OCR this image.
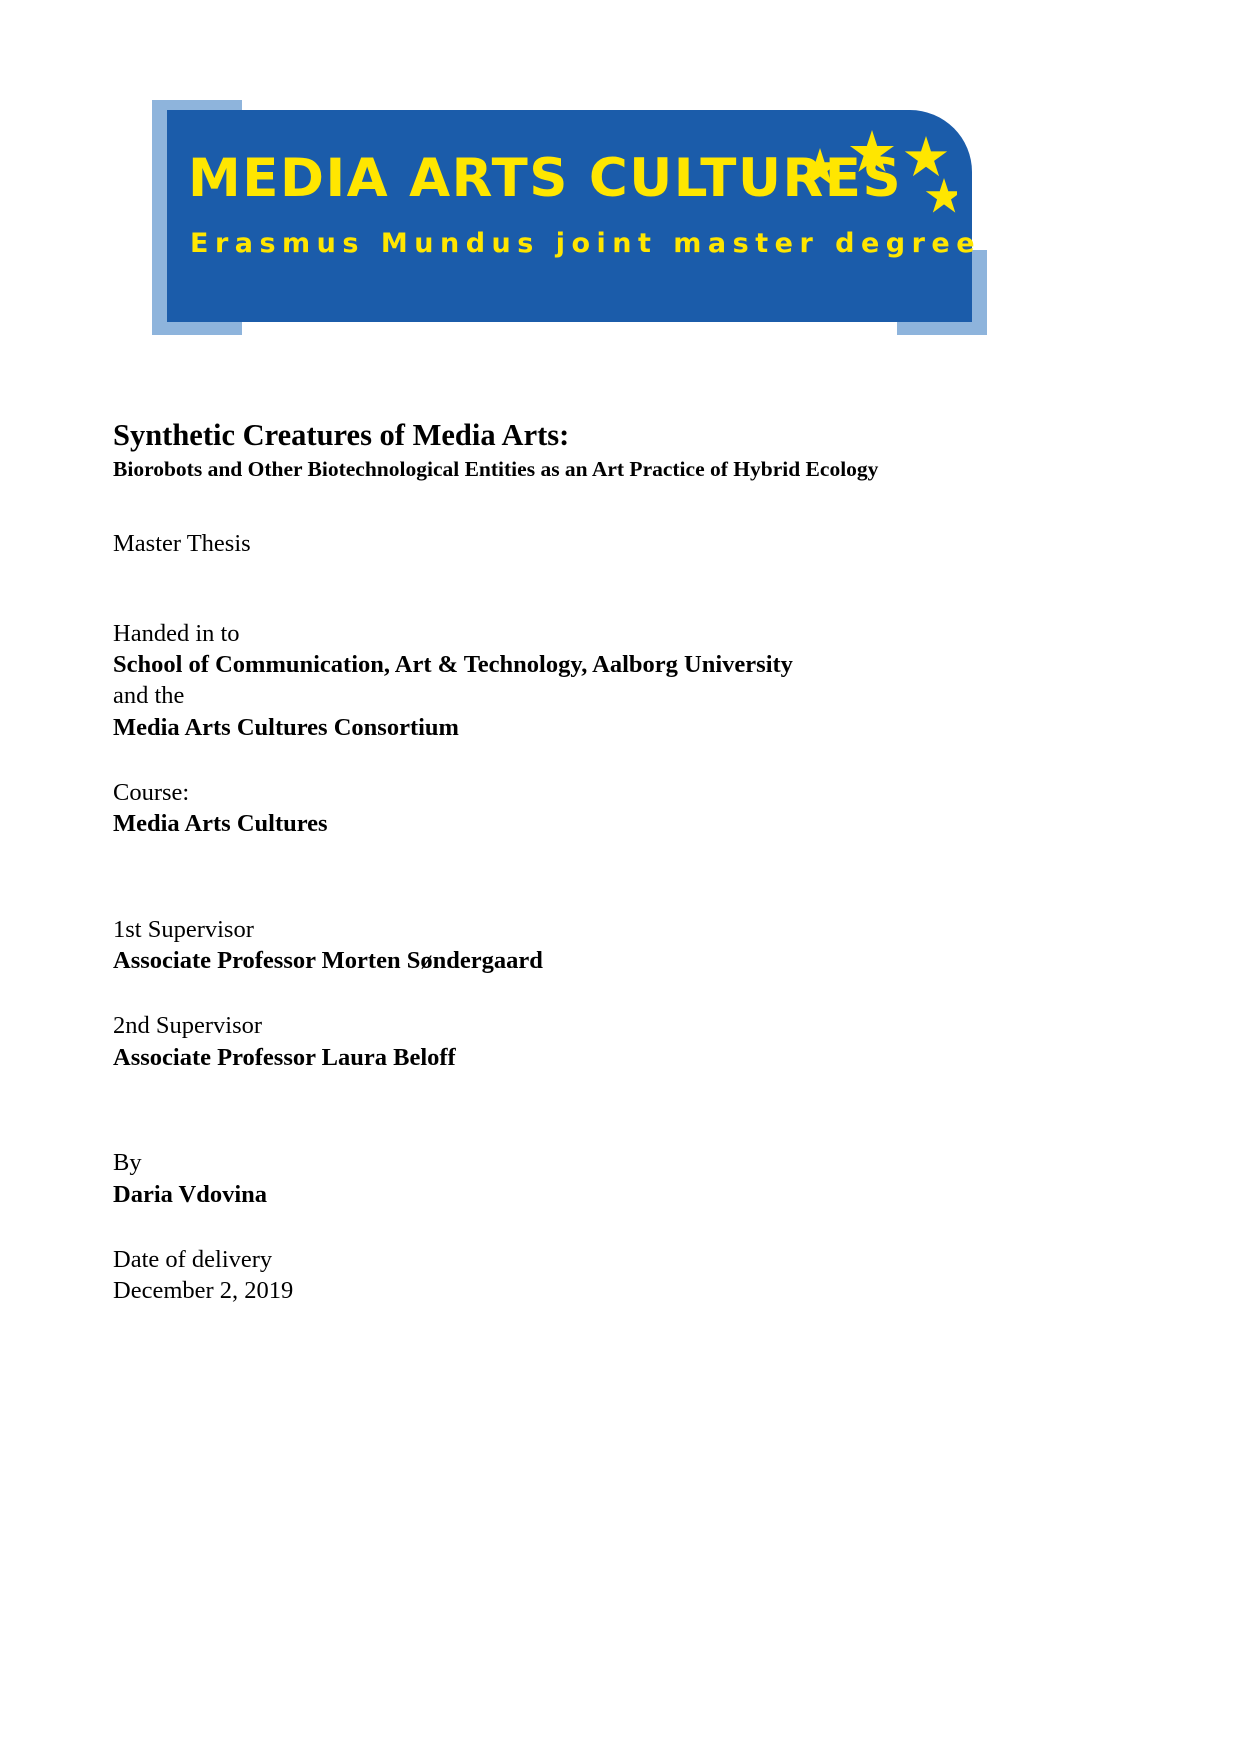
MEDIA ARTS CULTURES
Erasmus Mundus joint master degree
Synthetic Creatures of Media Arts:
Biorobots and Other Biotechnological Entities as an Art Practice of Hybrid Ecology
Master Thesis
Handed in to
School of Communication, Art & Technology, Aalborg University
and the
Media Arts Cultures Consortium
Course:
Media Arts Cultures
1st Supervisor
Associate Professor Morten Søndergaard
2nd Supervisor
Associate Professor Laura Beloff
By
Daria Vdovina
Date of delivery
December 2, 2019
